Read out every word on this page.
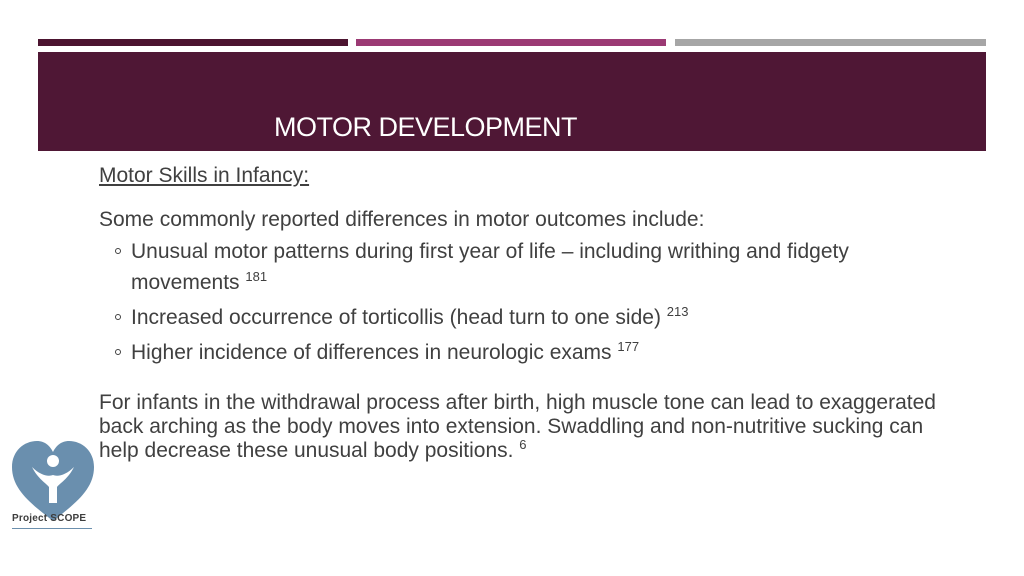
MOTOR DEVELOPMENT
Motor Skills in Infancy:
Some commonly reported differences in motor outcomes include:
Unusual motor patterns during first year of life – including writhing and fidgety movements $^{181}$
Increased occurrence of torticollis (head turn to one side) $^{213}$
Higher incidence of differences in neurologic exams $^{177}$
For infants in the withdrawal process after birth, high muscle tone can lead to exaggerated back arching as the body moves into extension. Swaddling and non-nutritive sucking can help decrease these unusual body positions. $^6$
Project SCOPE
